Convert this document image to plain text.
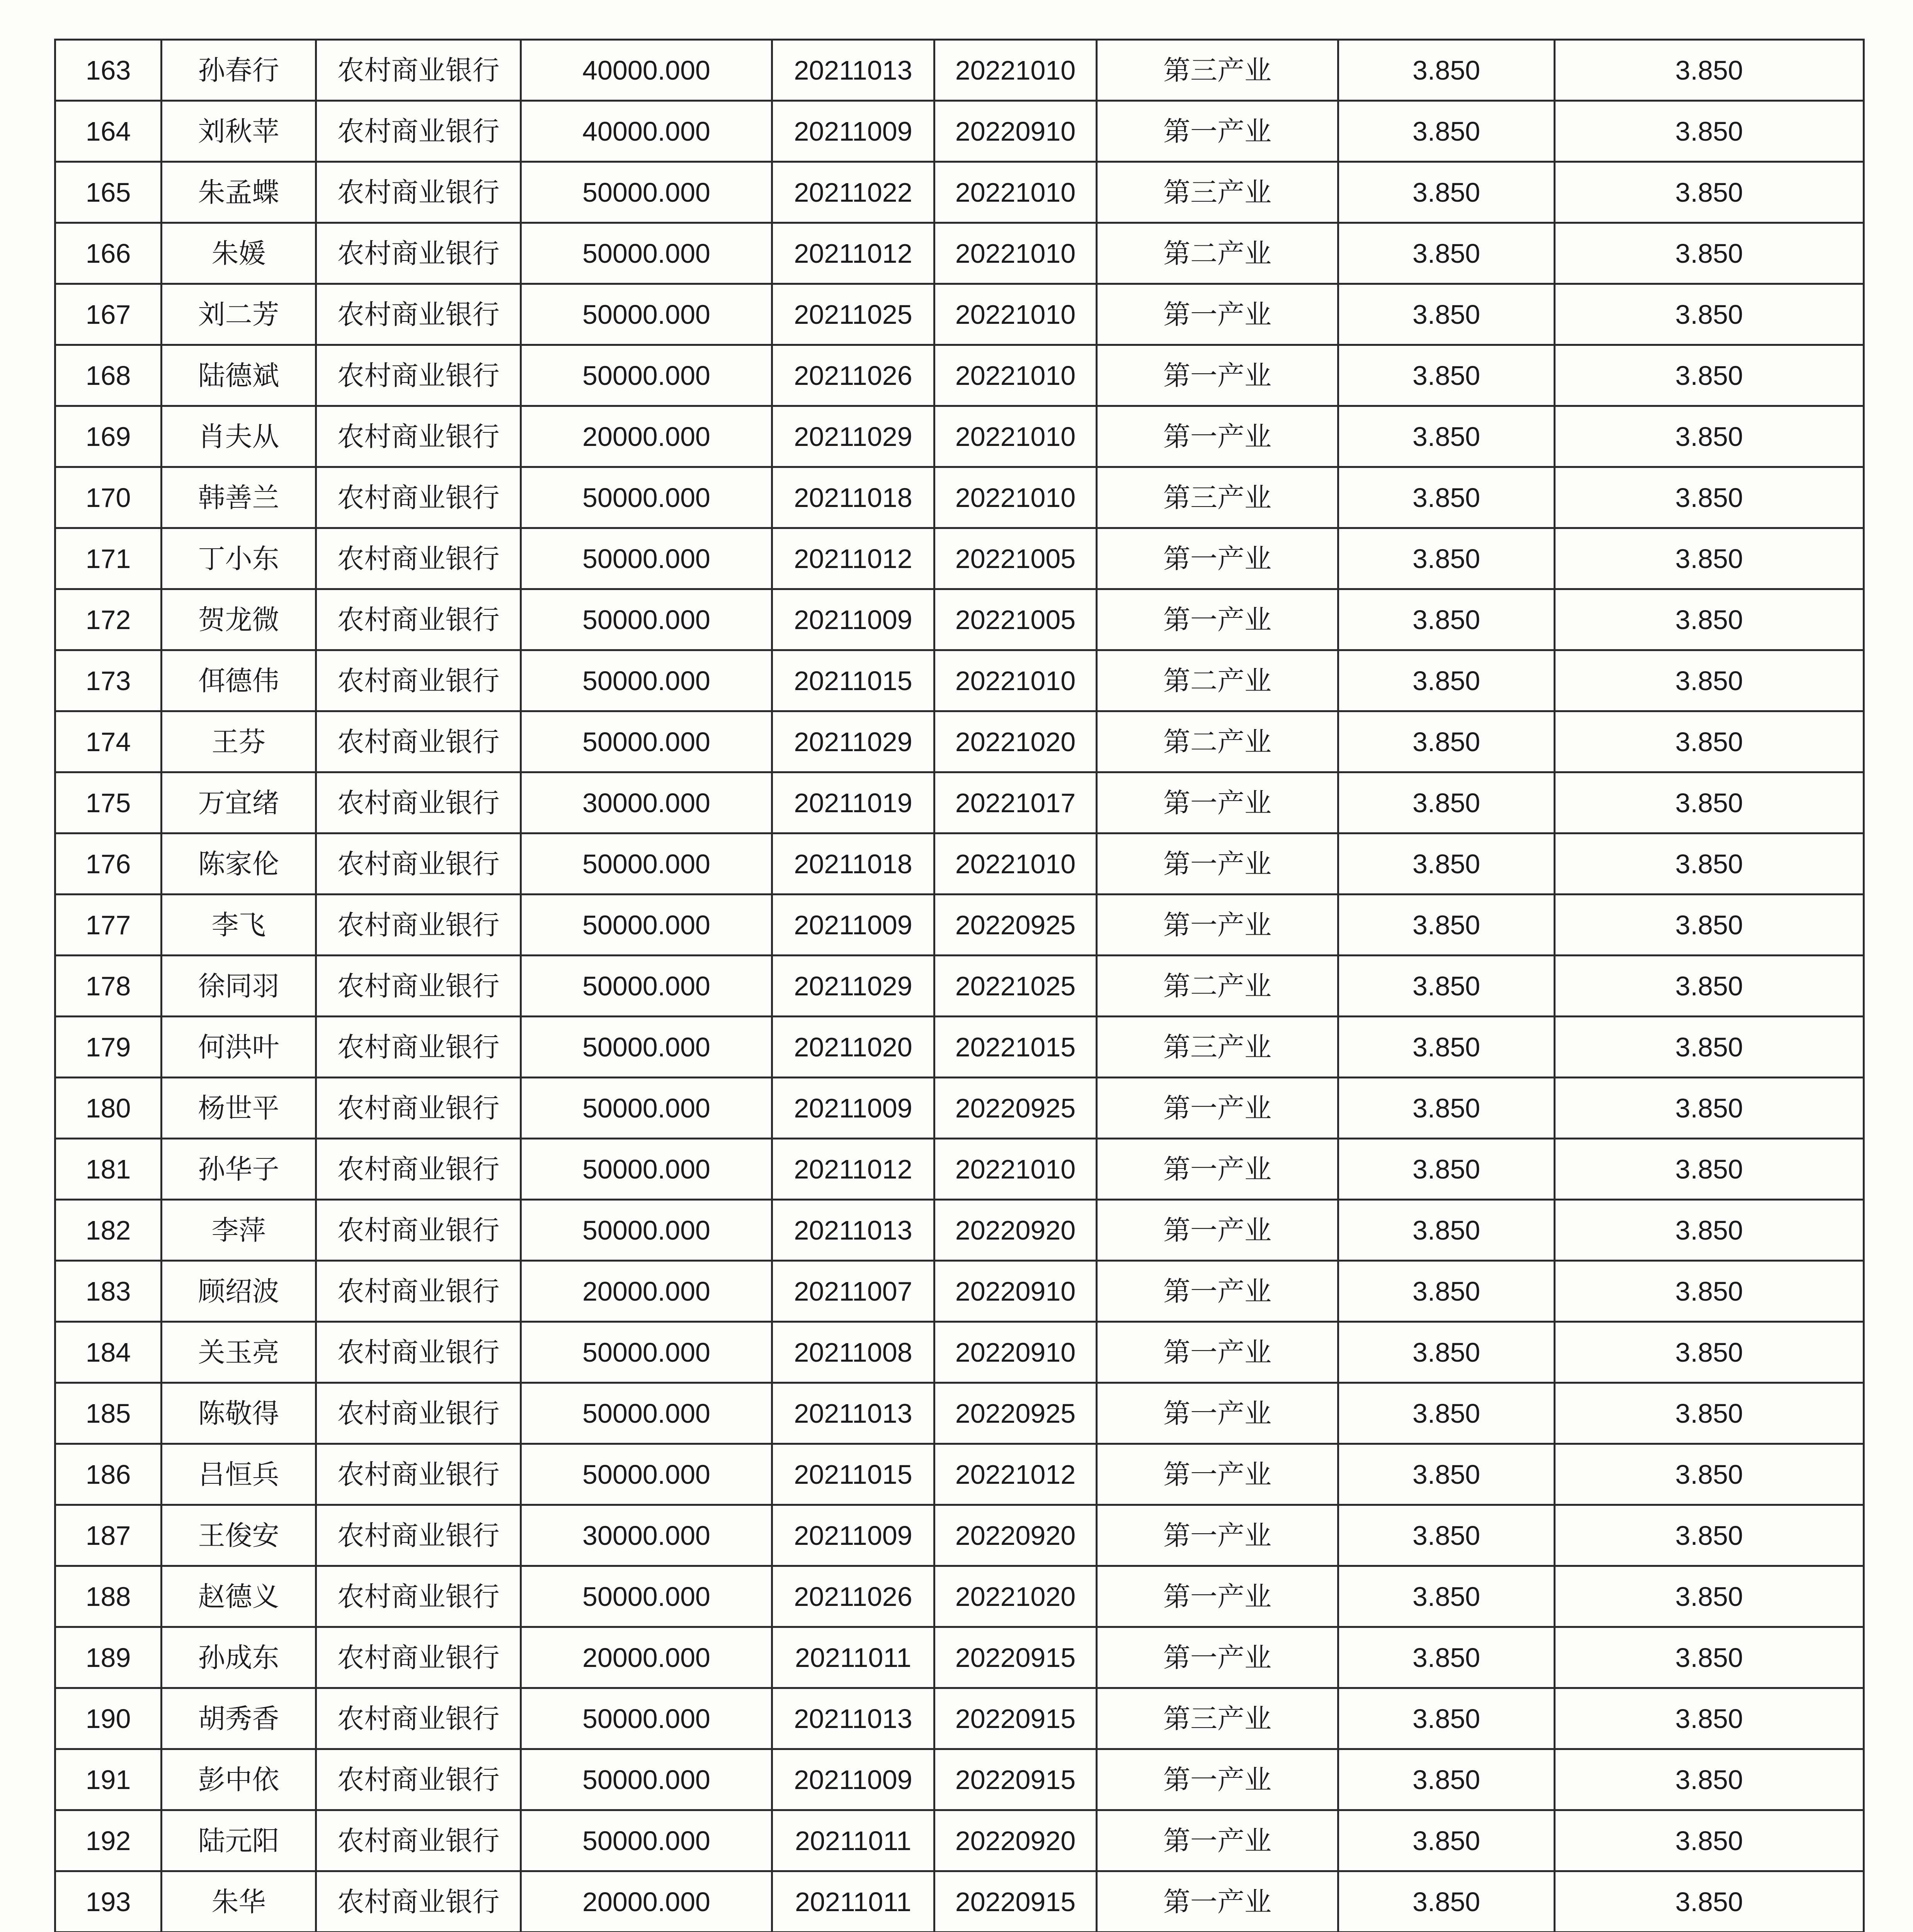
163	孙春行	农村商业银行	40000.000	20211013	20221010	第三产业	3.850	3.850
164	刘秋苹	农村商业银行	40000.000	20211009	20220910	第一产业	3.850	3.850
165	朱孟蝶	农村商业银行	50000.000	20211022	20221010	第三产业	3.850	3.850
166	朱媛	农村商业银行	50000.000	20211012	20221010	第二产业	3.850	3.850
167	刘二芳	农村商业银行	50000.000	20211025	20221010	第一产业	3.850	3.850
168	陆德斌	农村商业银行	50000.000	20211026	20221010	第一产业	3.850	3.850
169	肖夫从	农村商业银行	20000.000	20211029	20221010	第一产业	3.850	3.850
170	韩善兰	农村商业银行	50000.000	20211018	20221010	第三产业	3.850	3.850
171	丁小东	农村商业银行	50000.000	20211012	20221005	第一产业	3.850	3.850
172	贺龙微	农村商业银行	50000.000	20211009	20221005	第一产业	3.850	3.850
173	佴德伟	农村商业银行	50000.000	20211015	20221010	第二产业	3.850	3.850
174	王芬	农村商业银行	50000.000	20211029	20221020	第二产业	3.850	3.850
175	万宜绪	农村商业银行	30000.000	20211019	20221017	第一产业	3.850	3.850
176	陈家伦	农村商业银行	50000.000	20211018	20221010	第一产业	3.850	3.850
177	李飞	农村商业银行	50000.000	20211009	20220925	第一产业	3.850	3.850
178	徐同羽	农村商业银行	50000.000	20211029	20221025	第二产业	3.850	3.850
179	何洪叶	农村商业银行	50000.000	20211020	20221015	第三产业	3.850	3.850
180	杨世平	农村商业银行	50000.000	20211009	20220925	第一产业	3.850	3.850
181	孙华子	农村商业银行	50000.000	20211012	20221010	第一产业	3.850	3.850
182	李萍	农村商业银行	50000.000	20211013	20220920	第一产业	3.850	3.850
183	顾绍波	农村商业银行	20000.000	20211007	20220910	第一产业	3.850	3.850
184	关玉亮	农村商业银行	50000.000	20211008	20220910	第一产业	3.850	3.850
185	陈敬得	农村商业银行	50000.000	20211013	20220925	第一产业	3.850	3.850
186	吕恒兵	农村商业银行	50000.000	20211015	20221012	第一产业	3.850	3.850
187	王俊安	农村商业银行	30000.000	20211009	20220920	第一产业	3.850	3.850
188	赵德义	农村商业银行	50000.000	20211026	20221020	第一产业	3.850	3.850
189	孙成东	农村商业银行	20000.000	20211011	20220915	第一产业	3.850	3.850
190	胡秀香	农村商业银行	50000.000	20211013	20220915	第三产业	3.850	3.850
191	彭中依	农村商业银行	50000.000	20211009	20220915	第一产业	3.850	3.850
192	陆元阳	农村商业银行	50000.000	20211011	20220920	第一产业	3.850	3.850
193	朱华	农村商业银行	20000.000	20211011	20220915	第一产业	3.850	3.850
